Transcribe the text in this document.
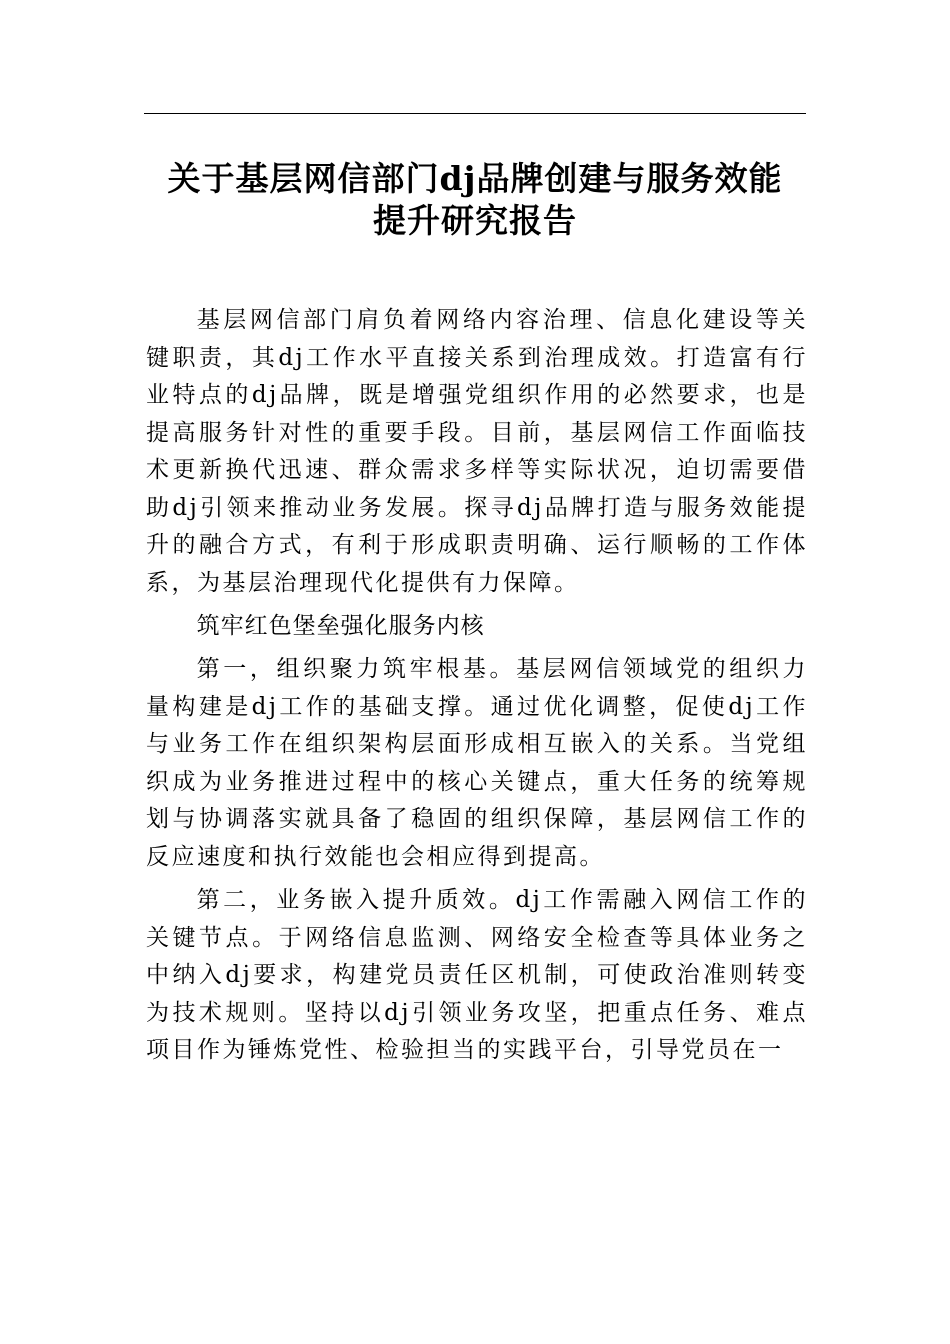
关于基层网信部门dj品牌创建与服务效能
提升研究报告

基层网信部门肩负着网络内容治理、信息化建设等关键职责，其dj工作水平直接关系到治理成效。打造富有行业特点的dj品牌，既是增强党组织作用的必然要求，也是提高服务针对性的重要手段。目前，基层网信工作面临技术更新换代迅速、群众需求多样等实际状况，迫切需要借助dj引领来推动业务发展。探寻dj品牌打造与服务效能提升的融合方式，有利于形成职责明确、运行顺畅的工作体系，为基层治理现代化提供有力保障。

筑牢红色堡垒强化服务内核

第一，组织聚力筑牢根基。基层网信领域党的组织力量构建是dj工作的基础支撑。通过优化调整，促使dj工作与业务工作在组织架构层面形成相互嵌入的关系。当党组织成为业务推进过程中的核心关键点，重大任务的统筹规划与协调落实就具备了稳固的组织保障，基层网信工作的反应速度和执行效能也会相应得到提高。

第二，业务嵌入提升质效。dj工作需融入网信工作的关键节点。于网络信息监测、网络安全检查等具体业务之中纳入dj要求，构建党员责任区机制，可使政治准则转变为技术规则。坚持以dj引领业务攻坚，把重点任务、难点项目作为锤炼党性、检验担当的实践平台，引导党员在一
